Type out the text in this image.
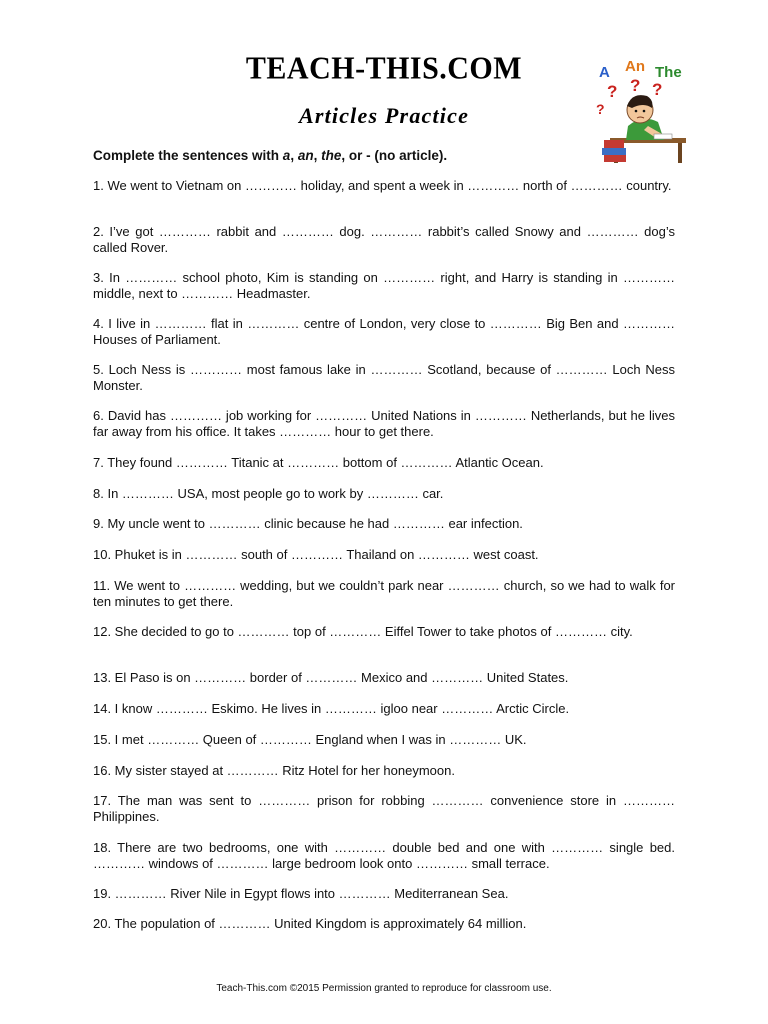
TEACH-THIS.COM
Articles Practice
A An The
? ? ?
?
Complete the sentences with a, an, the, or - (no article).
1. We went to Vietnam on ………… holiday, and spent a week in ………… north of ………… country.
2. I’ve got ………… rabbit and ………… dog. ………… rabbit’s called Snowy and ………… dog’s called Rover.
3. In ………… school photo, Kim is standing on ………… right, and Harry is standing in ………… middle, next to ………… Headmaster.
4. I live in ………… flat in ………… centre of London, very close to ………… Big Ben and ………… Houses of Parliament.
5. Loch Ness is ………… most famous lake in ………… Scotland, because of ………… Loch Ness Monster.
6. David has ………… job working for ………… United Nations in ………… Netherlands, but he lives far away from his office. It takes ………… hour to get there.
7. They found ………… Titanic at ………… bottom of ………… Atlantic Ocean.
8. In ………… USA, most people go to work by ………… car.
9. My uncle went to ………… clinic because he had ………… ear infection.
10. Phuket is in ………… south of ………… Thailand on ………… west coast.
11. We went to ………… wedding, but we couldn’t park near ………… church, so we had to walk for ten minutes to get there.
12. She decided to go to ………… top of ………… Eiffel Tower to take photos of ………… city.
13. El Paso is on ………… border of ………… Mexico and ………… United States.
14. I know ………… Eskimo. He lives in ………… igloo near ………… Arctic Circle.
15. I met ………… Queen of ………… England when I was in ………… UK.
16. My sister stayed at ………… Ritz Hotel for her honeymoon.
17. The man was sent to ………… prison for robbing ………… convenience store in ………… Philippines.
18. There are two bedrooms, one with ………… double bed and one with ………… single bed. ………… windows of ………… large bedroom look onto ………… small terrace.
19. ………… River Nile in Egypt flows into ………… Mediterranean Sea.
20. The population of ………… United Kingdom is approximately 64 million.
Teach-This.com ©2015 Permission granted to reproduce for classroom use.
